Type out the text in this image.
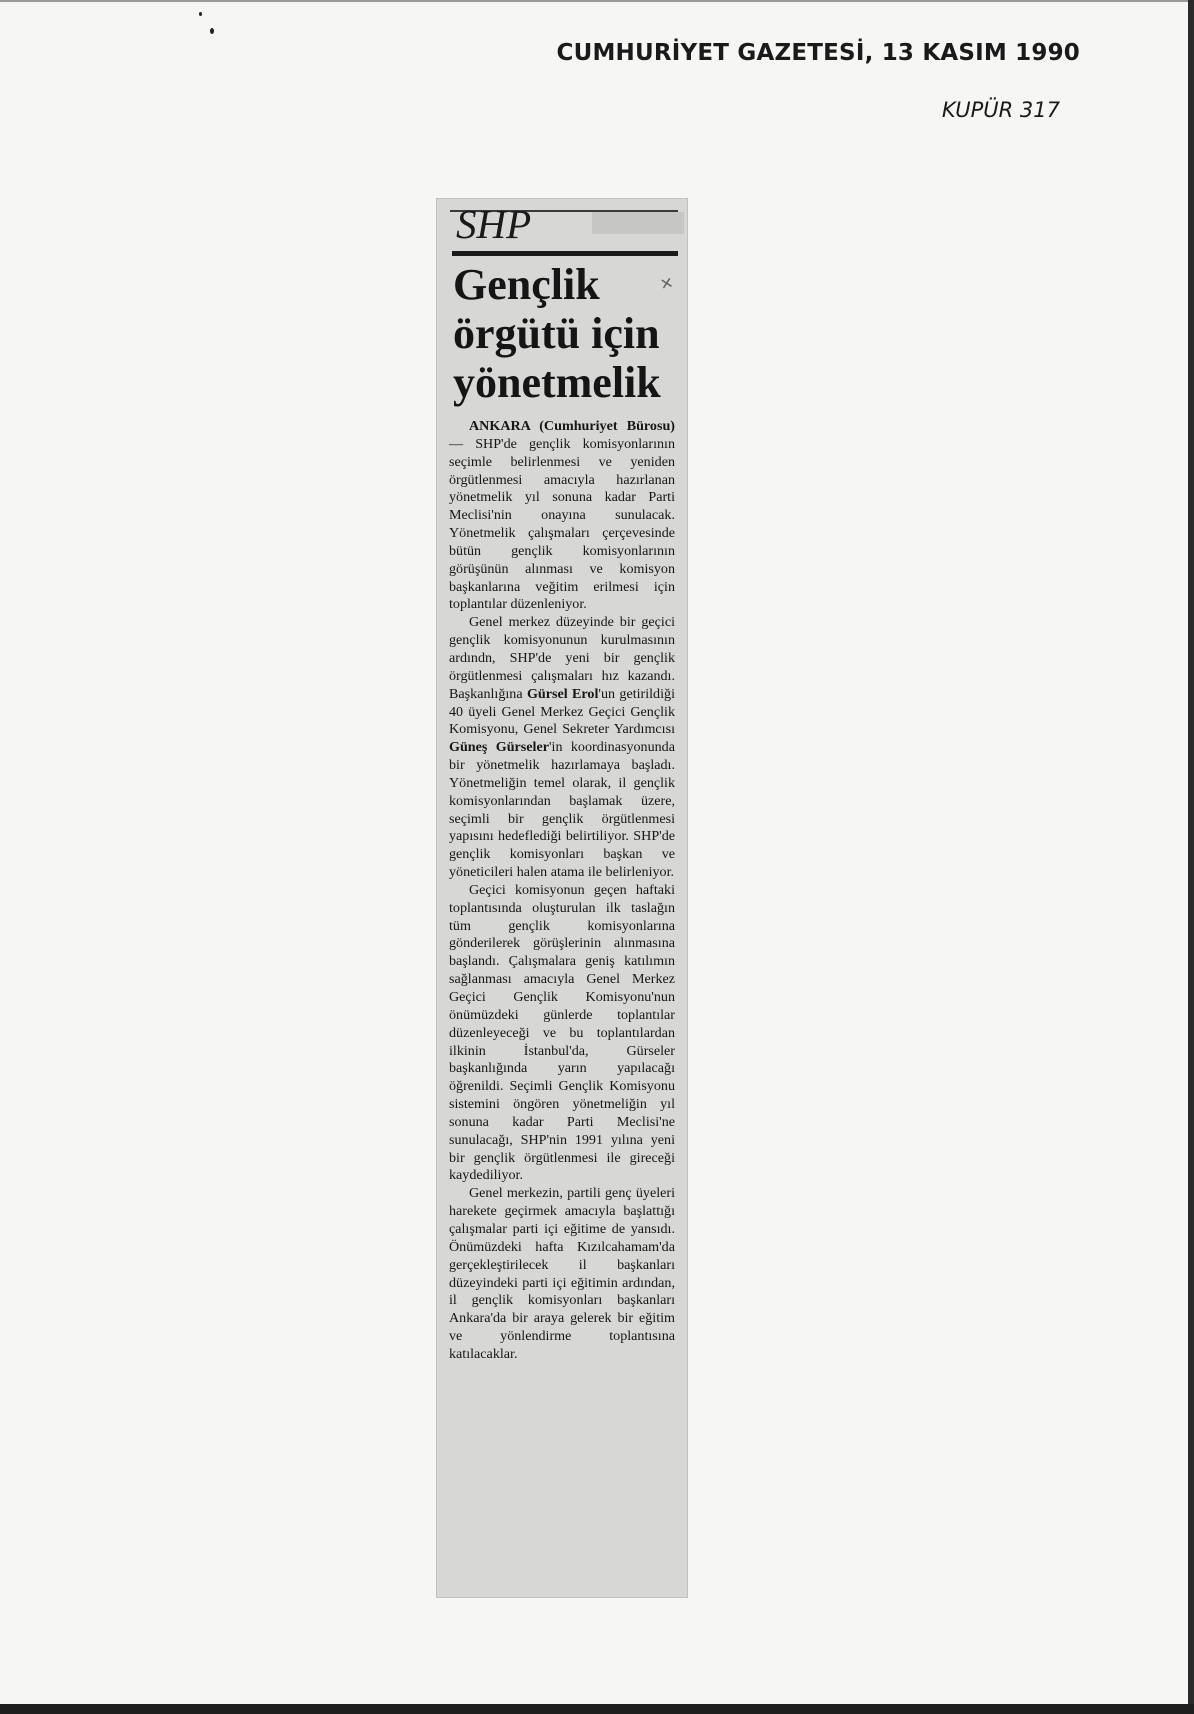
CUMHURİYET GAZETESİ, 13 KASIM 1990
KUPÜR 317
SHP
Gençlik
örgütü için
yönetmelik
✕

ANKARA (Cumhuriyet Bürosu) — SHP'de gençlik komisyonlarının seçimle belirlenmesi ve yeniden örgütlenmesi amacıyla hazırlanan yönetmelik yıl sonuna kadar Parti Meclisi'nin onayına sunulacak. Yönetmelik çalışmaları çerçevesinde bütün gençlik komisyonlarının görüşünün alınması ve komisyon başkanlarına veğitim erilmesi için toplantılar düzenleniyor.

Genel merkez düzeyinde bir geçici gençlik komisyonunun kurulmasının ardındn, SHP'de yeni bir gençlik örgütlenmesi çalışmaları hız kazandı. Başkanlığına Gürsel Erol'un getirildiği 40 üyeli Genel Merkez Geçici Gençlik Komisyonu, Genel Sekreter Yardımcısı Güneş Gürseler'in koordinasyonunda bir yönetmelik hazırlamaya başladı. Yönetmeliğin temel olarak, il gençlik komisyonlarından başlamak üzere, seçimli bir gençlik örgütlenmesi yapısını hedeflediği belirtiliyor. SHP'de gençlik komisyonları başkan ve yöneticileri halen atama ile belirleniyor.

Geçici komisyonun geçen haftaki toplantısında oluşturulan ilk taslağın tüm gençlik komisyonlarına gönderilerek görüşlerinin alınmasına başlandı. Çalışmalara geniş katılımın sağlanması amacıyla Genel Merkez Geçici Gençlik Komisyonu'nun önümüzdeki günlerde toplantılar düzenleyeceği ve bu toplantılardan ilkinin İstanbul'da, Gürseler başkanlığında yarın yapılacağı öğrenildi. Seçimli Gençlik Komisyonu sistemini öngören yönetmeliğin yıl sonuna kadar Parti Meclisi'ne sunulacağı, SHP'nin 1991 yılına yeni bir gençlik örgütlenmesi ile gireceği kaydediliyor.

Genel merkezin, partili genç üyeleri harekete geçirmek amacıyla başlattığı çalışmalar parti içi eğitime de yansıdı. Önümüzdeki hafta Kızılcahamam'da gerçekleştirilecek il başkanları düzeyindeki parti içi eğitimin ardından, il gençlik komisyonları başkanları Ankara'da bir araya gelerek bir eğitim ve yönlendirme toplantısına katılacaklar.
